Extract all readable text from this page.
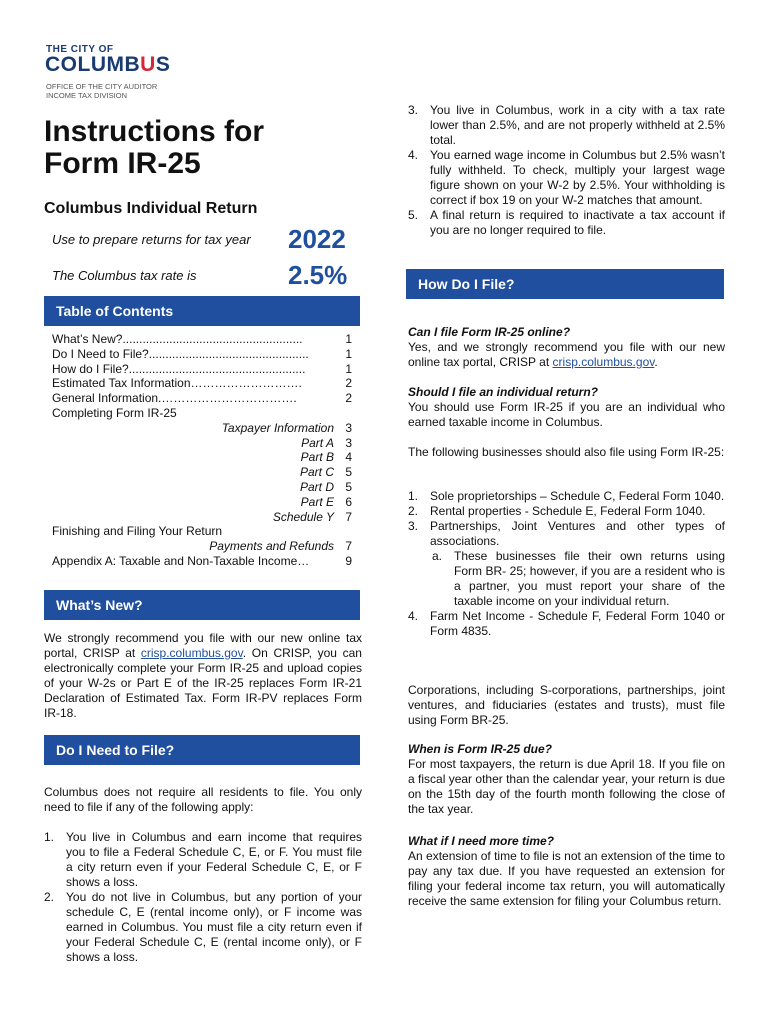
THE CITY OF
COLUMBUS
OFFICE OF THE CITY AUDITOR
INCOME TAX DIVISION
Instructions for
Form IR-25
Columbus Individual Return
Use to prepare returns for tax year 2022
The Columbus tax rate is	2.5%
Table of Contents
What’s New?......................................................	1
Do I Need to File?................................................	1
How do I File?.....................................................	1
Estimated Tax Information……………………….	2
General Information.…………………………….	2
Completing Form IR-25
Taxpayer Information 3
Part A 3
Part B 4
Part C 5
Part D 5
Part E 6
Schedule Y 7
Finishing and Filing Your Return
Payments and Refunds 7
Appendix A: Taxable and Non-Taxable Income…	9
What’s New?
We strongly recommend you file with our new online tax portal, CRISP at crisp.columbus.gov. On CRISP, you can electronically complete your Form IR-25 and upload copies of your W-2s or Part E of the IR-25 replaces Form IR-21 Declaration of Estimated Tax. Form IR-PV replaces Form IR-18.
Do I Need to File?
Columbus does not require all residents to file. You only need to file if any of the following apply:
1. You live in Columbus and earn income that requires you to file a Federal Schedule C, E, or F. You must file a city return even if your Federal Schedule C, E, or F shows a loss.
2. You do not live in Columbus, but any portion of your schedule C, E (rental income only), or F income was earned in Columbus. You must file a city return even if your Federal Schedule C, E (rental income only), or F shows a loss.
3. You live in Columbus, work in a city with a tax rate lower than 2.5%, and are not properly withheld at 2.5% total.
4. You earned wage income in Columbus but 2.5% wasn’t fully withheld. To check, multiply your largest wage figure shown on your W-2 by 2.5%. Your withholding is correct if box 19 on your W-2 matches that amount.
5. A final return is required to inactivate a tax account if you are no longer required to file.
How Do I File?
Can I file Form IR-25 online?
Yes, and we strongly recommend you file with our new online tax portal, CRISP at crisp.columbus.gov.
Should I file an individual return?
You should use Form IR-25 if you are an individual who earned taxable income in Columbus.
The following businesses should also file using Form IR-25:
1. Sole proprietorships – Schedule C, Federal Form 1040.
2. Rental properties - Schedule E, Federal Form 1040.
3. Partnerships, Joint Ventures and other types of associations.
a. These businesses file their own returns using Form BR- 25; however, if you are a resident who is a partner, you must report your share of the taxable income on your individual return.
4. Farm Net Income - Schedule F, Federal Form 1040 or Form 4835.
Corporations, including S-corporations, partnerships, joint ventures, and fiduciaries (estates and trusts), must file using Form BR-25.
When is Form IR-25 due?
For most taxpayers, the return is due April 18. If you file on a fiscal year other than the calendar year, your return is due on the 15th day of the fourth month following the close of the tax year.
What if I need more time?
An extension of time to file is not an extension of the time to pay any tax due. If you have requested an extension for filing your federal income tax return, you will automatically receive the same extension for filing your Columbus return.
